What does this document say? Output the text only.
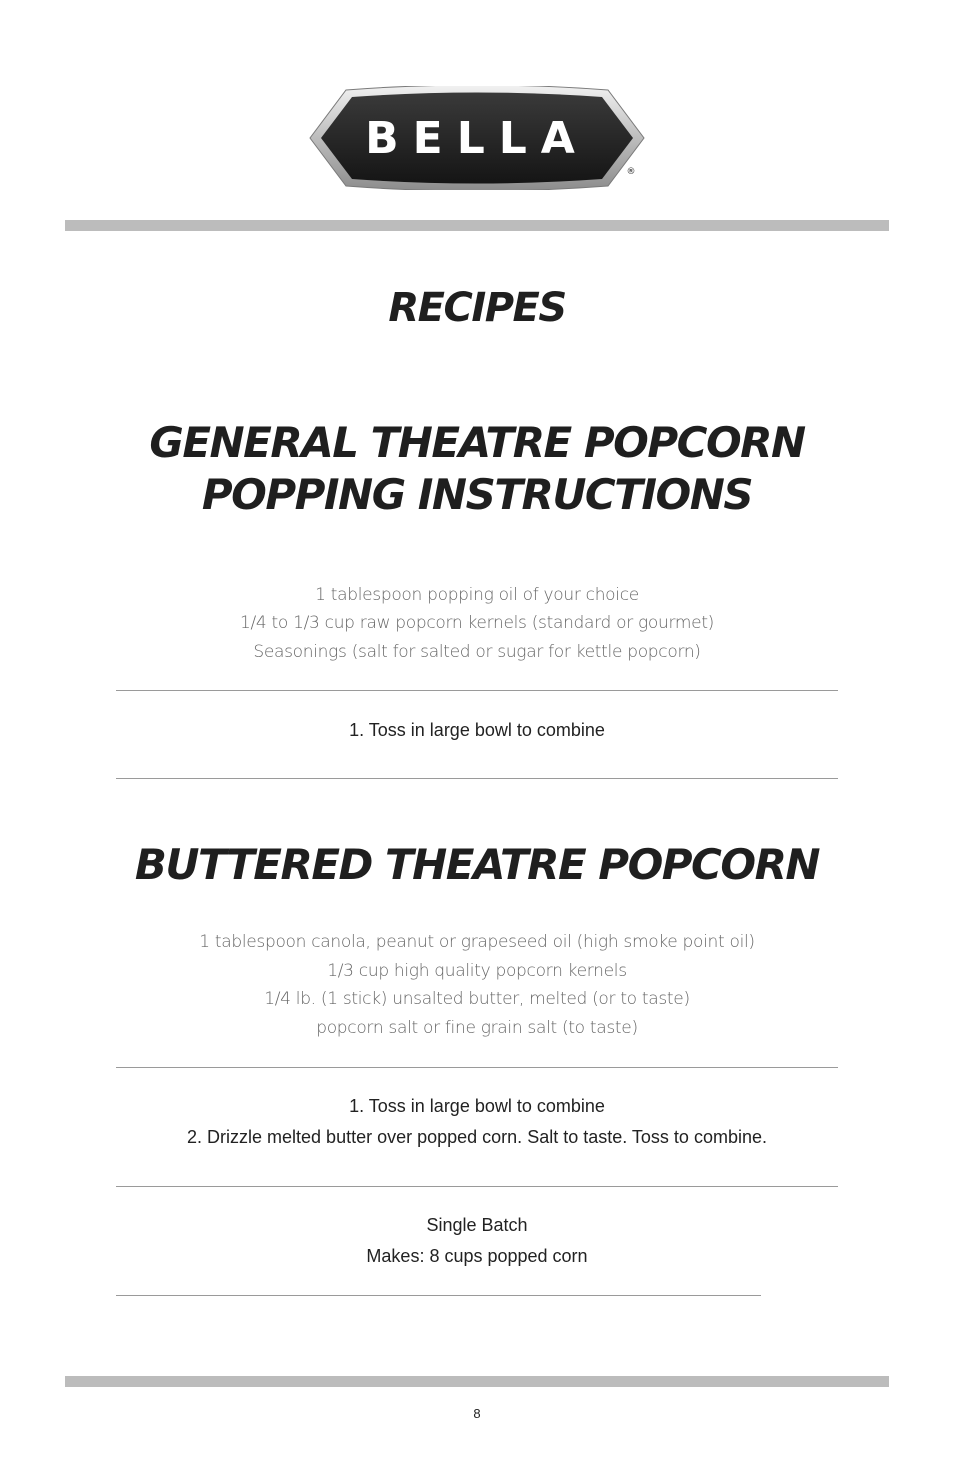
BELLA
®
RECIPES
GENERAL THEATRE POPCORN
POPPING INSTRUCTIONS
1 tablespoon popping oil of your choice
1/4 to 1/3 cup raw popcorn kernels (standard or gourmet)
Seasonings (salt for salted or sugar for kettle popcorn)
1. Toss in large bowl to combine
BUTTERED THEATRE POPCORN
1 tablespoon canola, peanut or grapeseed oil (high smoke point oil)
1/3 cup high quality popcorn kernels
1/4 lb. (1 stick) unsalted butter, melted (or to taste)
popcorn salt or fine grain salt (to taste)
1. Toss in large bowl to combine
2. Drizzle melted butter over popped corn. Salt to taste. Toss to combine.
Single Batch
Makes: 8 cups popped corn
8
